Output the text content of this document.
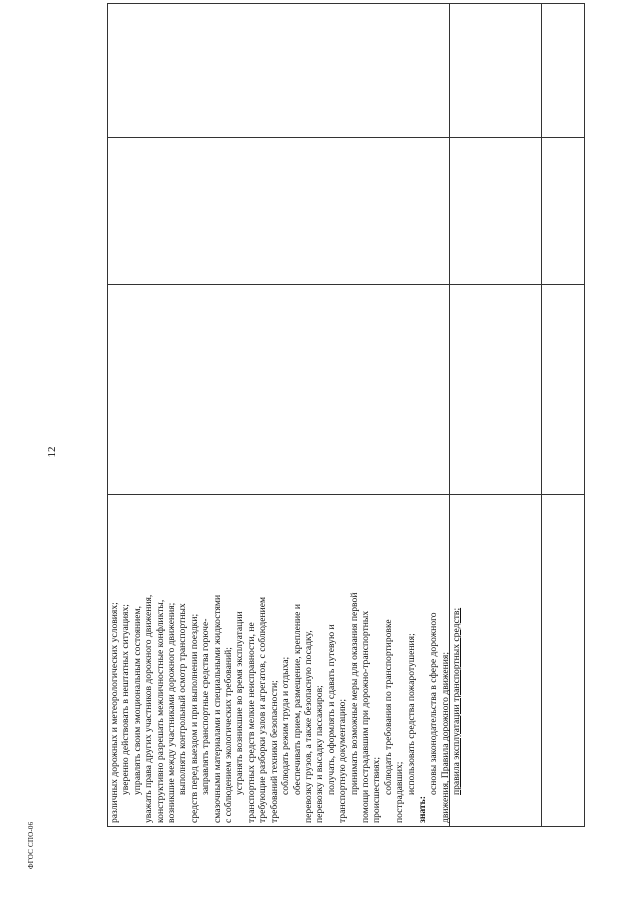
12
ФГОС СПО-06
различных дорожных и метеорологических условиях; уверенно действовать в нештатных ситуациях; управлять своим эмоциональным состоянием, уважать права других участников дорожного движения, конструктивно разрешать межличностные конфликты, возникшие между участниками дорожного движения; выполнять контрольный осмотр транспортных средств перед выездом и при выполнении поездки; заправлять транспортные средства горюче- смазочными материалами и специальными жидкостями с соблюдением экологических требований; устранять возникшие во время эксплуатации транспортных средств мелкие неисправности, не требующие разборки узлов и агрегатов, с соблюдением требований техники безопасности; соблюдать режим труда и отдыха; обеспечивать прием, размещение, крепление и перевозку грузов, а также безопасную посадку, перевозку и высадку пассажиров; получать, оформлять и сдавать путевую и транспортную документацию; принимать возможные меры для оказания первой помощи пострадавшим при дорожно-транспортных происшествиях; соблюдать требования по транспортировке пострадавших; использовать средства пожаротушения;
знать:
основы законодательства в сфере дорожного движения, Правила дорожного движения; правила эксплуатации транспортных средств;
